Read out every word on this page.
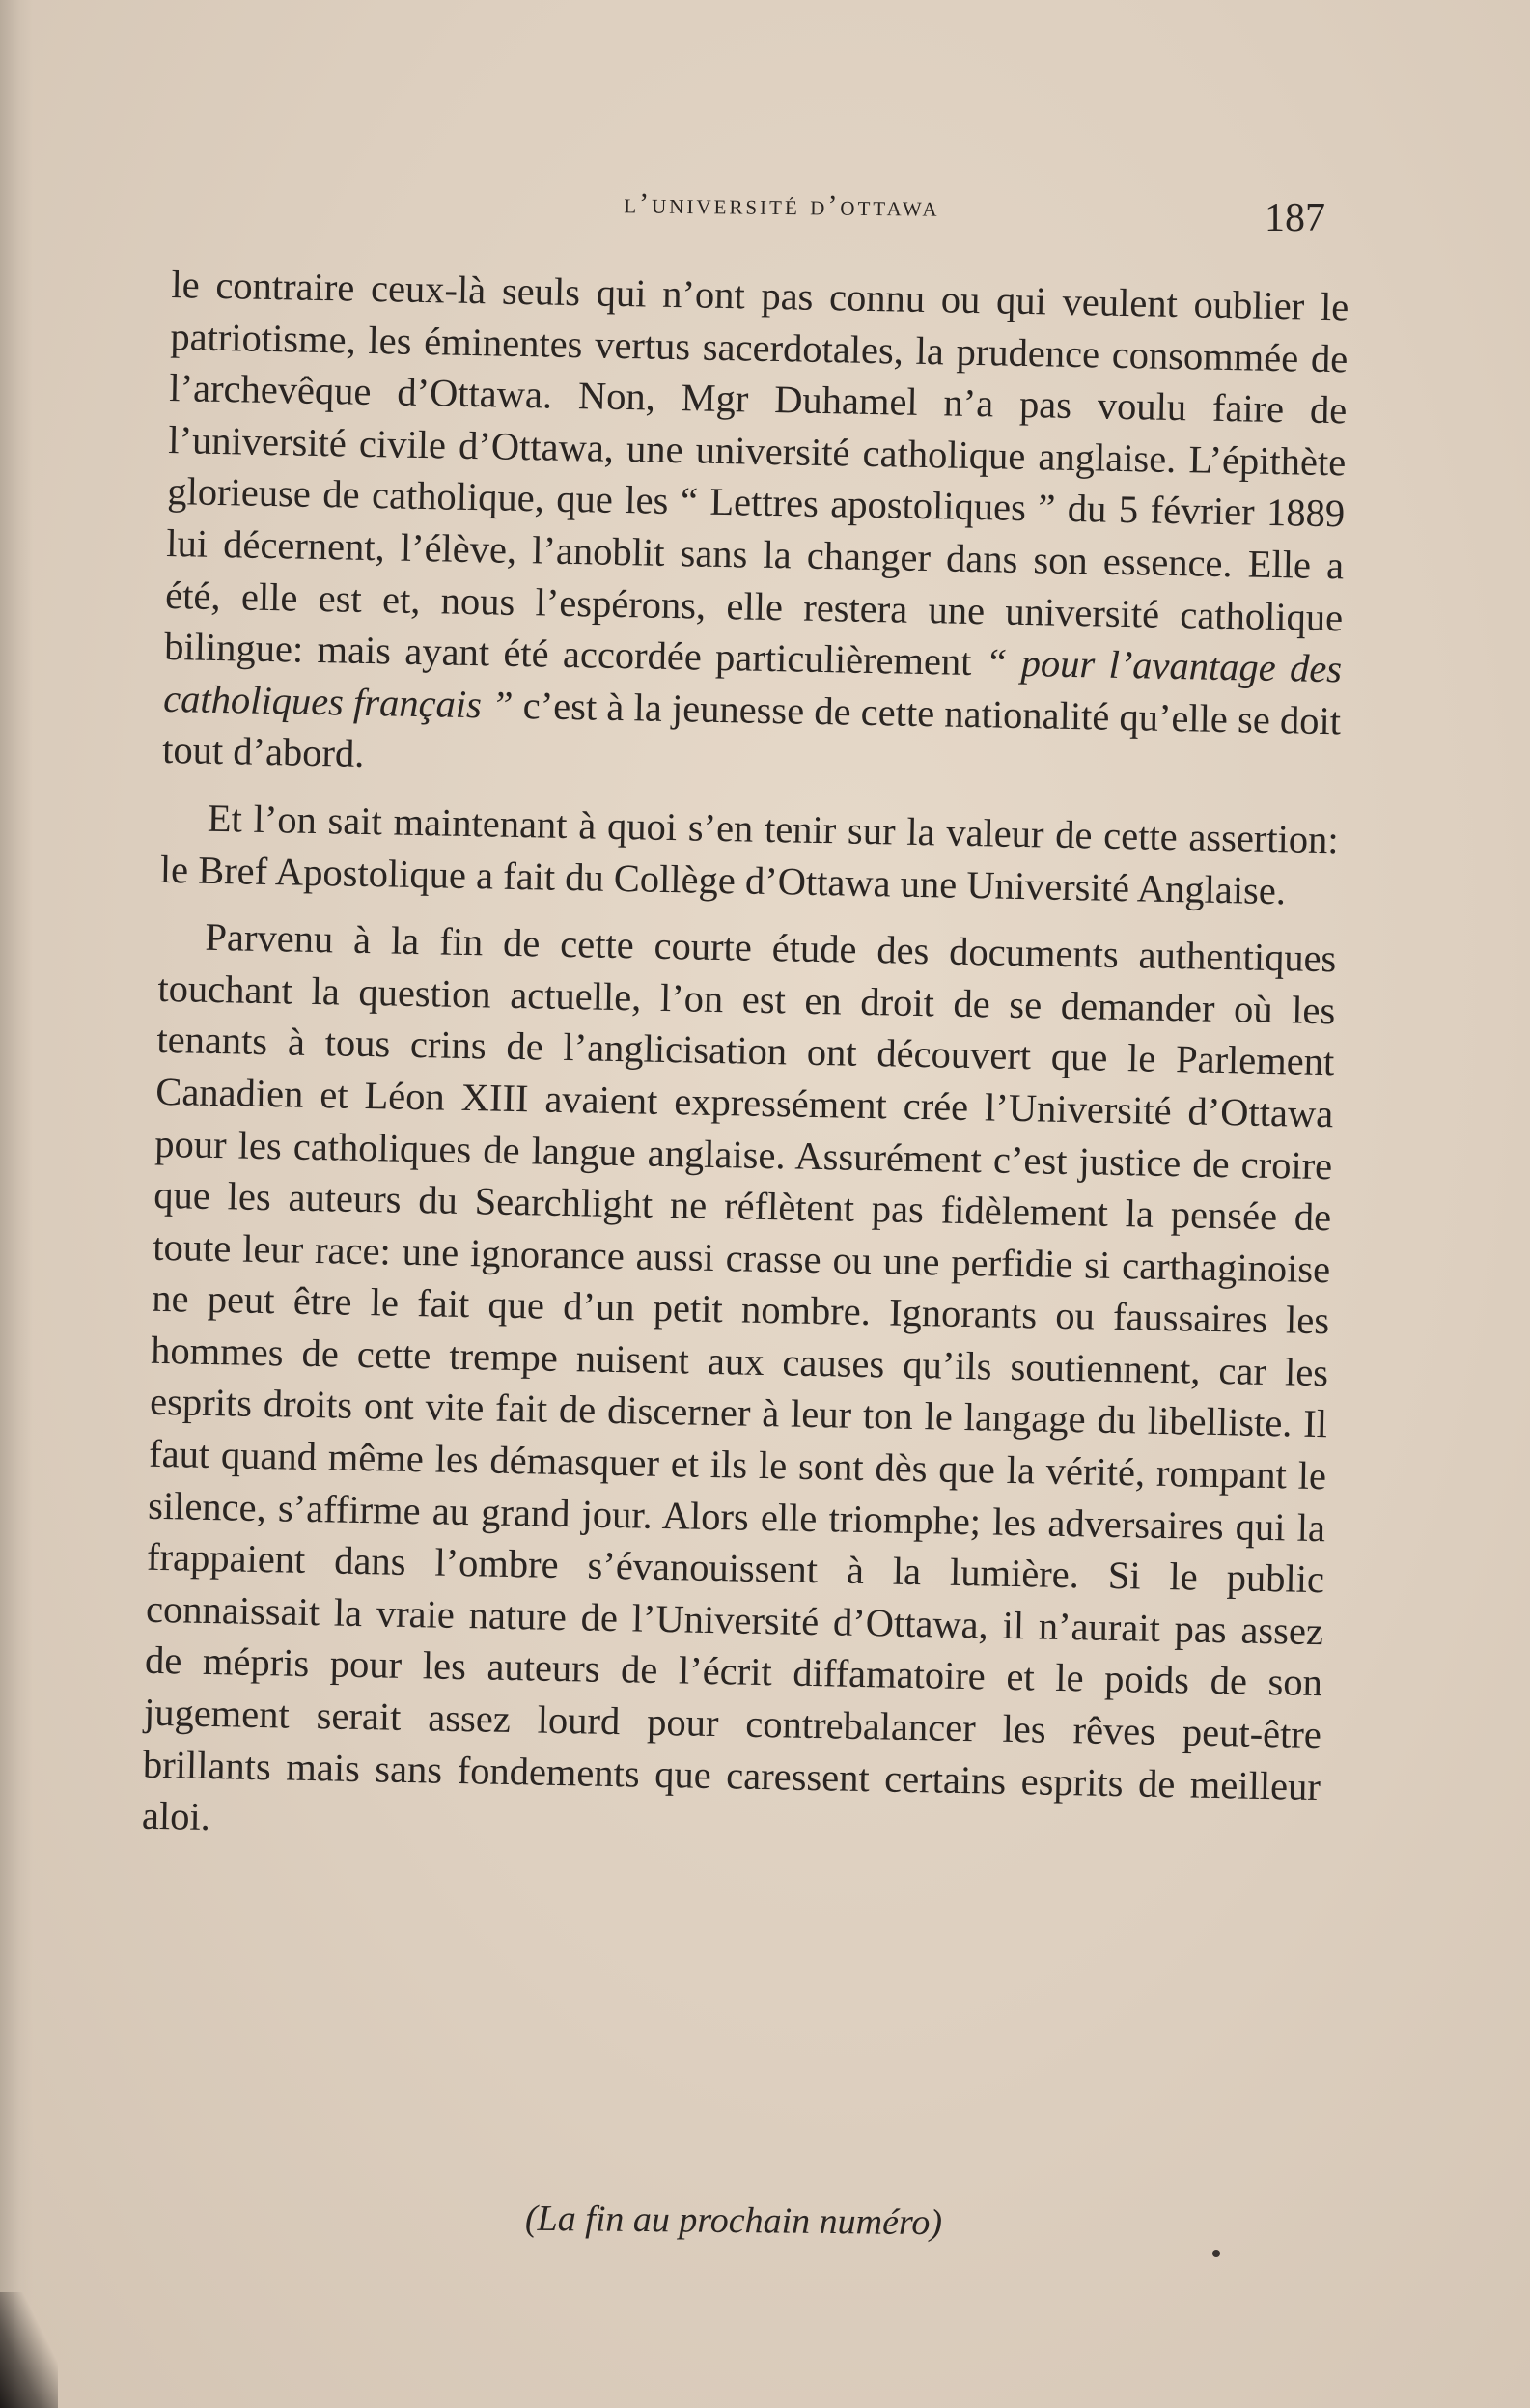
l’université d’ottawa	187

le contraire ceux-là seuls qui n’ont pas connu ou qui veulent oublier le patriotisme, les éminentes vertus sacerdotales, la prudence consommée de l’archevêque d’Ottawa. Non, Mgr Duhamel n’a pas voulu faire de l’université civile d’Ottawa, une université catholique anglaise. L’épithète glorieuse de catholique, que les “ Lettres apostoliques ” du 5 février 1889 lui décernent, l’élève, l’anoblit sans la changer dans son essence. Elle a été, elle est et, nous l’espérons, elle restera une université catholique bilingue: mais ayant été accordée particulièrement “ pour l’avantage des catholiques français ” c’est à la jeunesse de cette nationalité qu’elle se doit tout d’abord.

Et l’on sait maintenant à quoi s’en tenir sur la valeur de cette assertion: le Bref Apostolique a fait du Collège d’Ottawa une Université Anglaise.

Parvenu à la fin de cette courte étude des documents authentiques touchant la question actuelle, l’on est en droit de se demander où les tenants à tous crins de l’anglicisation ont découvert que le Parlement Canadien et Léon XIII avaient expressément crée l’Université d’Ottawa pour les catholiques de langue anglaise. Assurément c’est justice de croire que les auteurs du Searchlight ne réflètent pas fidèlement la pensée de toute leur race: une ignorance aussi crasse ou une perfidie si carthaginoise ne peut être le fait que d’un petit nombre. Ignorants ou faussaires les hommes de cette trempe nuisent aux causes qu’ils soutiennent, car les esprits droits ont vite fait de discerner à leur ton le langage du libelliste. Il faut quand même les démasquer et ils le sont dès que la vérité, rompant le silence, s’affirme au grand jour. Alors elle triomphe; les adversaires qui la frappaient dans l’ombre s’évanouissent à la lumière. Si le public connaissait la vraie nature de l’Université d’Ottawa, il n’aurait pas assez de mépris pour les auteurs de l’écrit diffamatoire et le poids de son jugement serait assez lourd pour contrebalancer les rêves peut-être brillants mais sans fondements que caressent certains esprits de meilleur aloi.

(La fin au prochain numéro)
